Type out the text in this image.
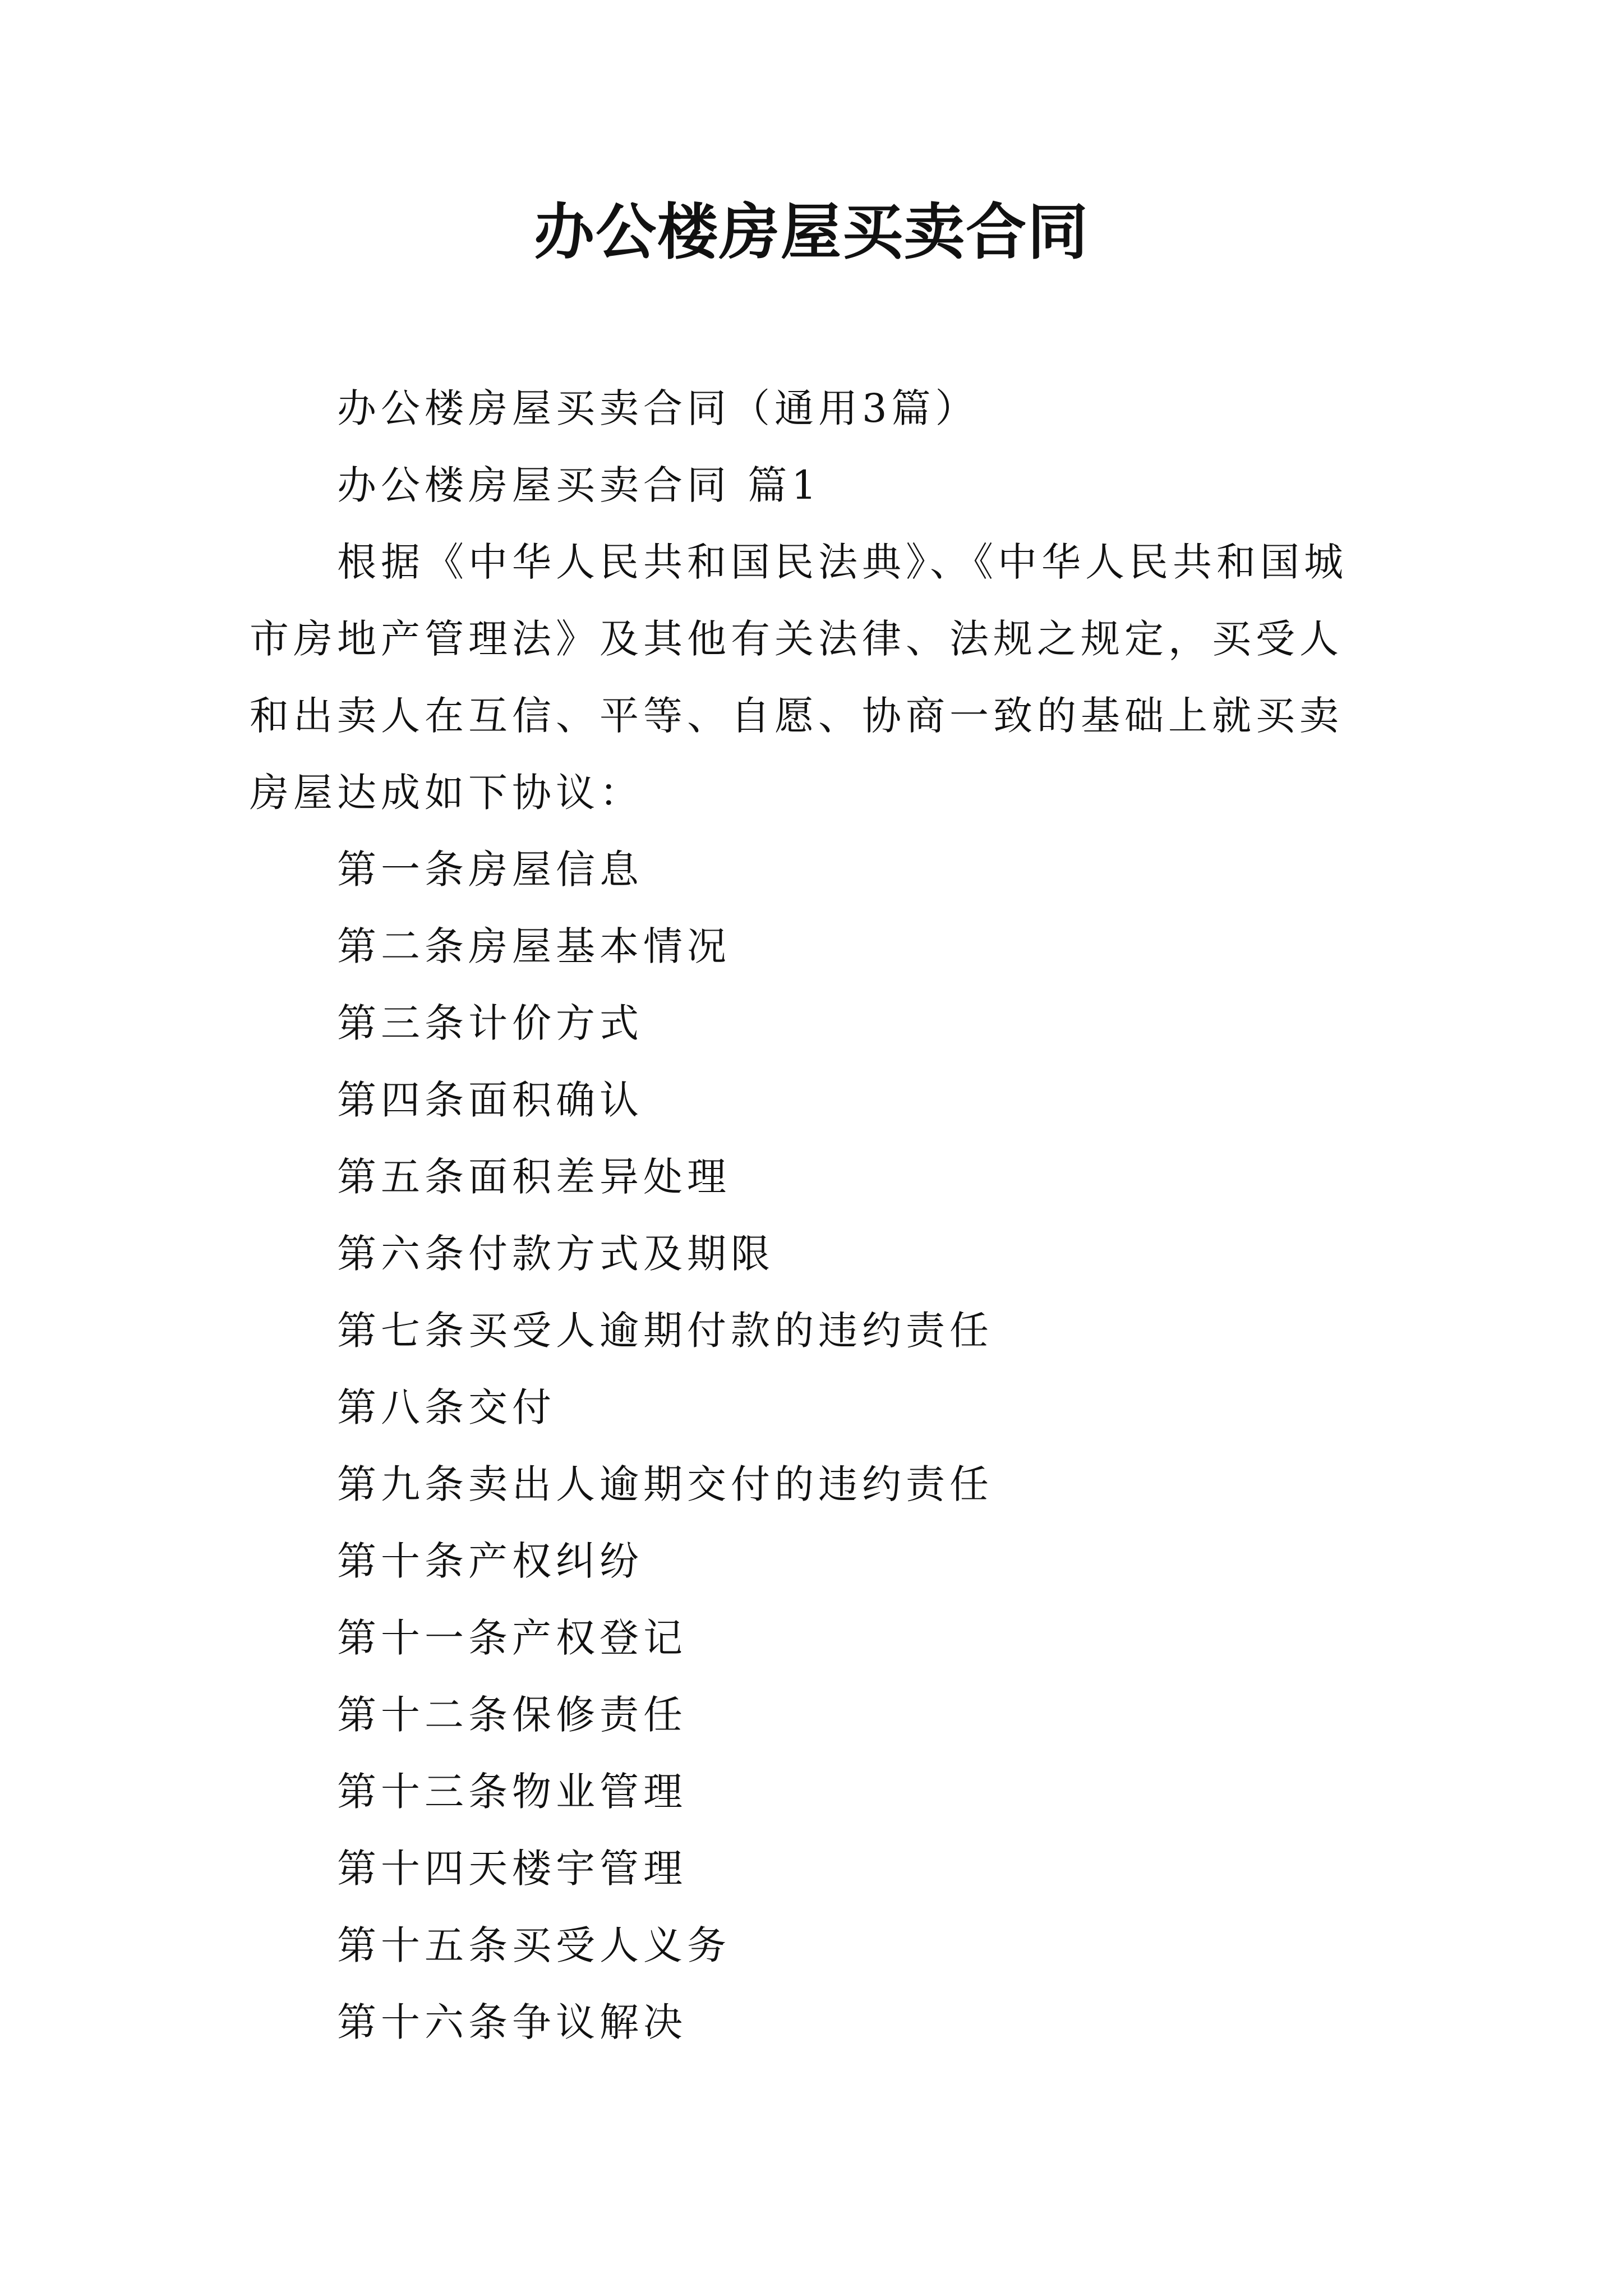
办公楼房屋买卖合同

办公楼房屋买卖合同（通用3篇）

办公楼房屋买卖合同 篇1

根据《中华人民共和国民法典》、《中华人民共和国城市房地产管理法》及其他有关法律、法规之规定，买受人和出卖人在互信、平等、自愿、协商一致的基础上就买卖房屋达成如下协议：

第一条房屋信息

第二条房屋基本情况

第三条计价方式

第四条面积确认

第五条面积差异处理

第六条付款方式及期限

第七条买受人逾期付款的违约责任

第八条交付

第九条卖出人逾期交付的违约责任

第十条产权纠纷

第十一条产权登记

第十二条保修责任

第十三条物业管理

第十四天楼宇管理

第十五条买受人义务

第十六条争议解决
